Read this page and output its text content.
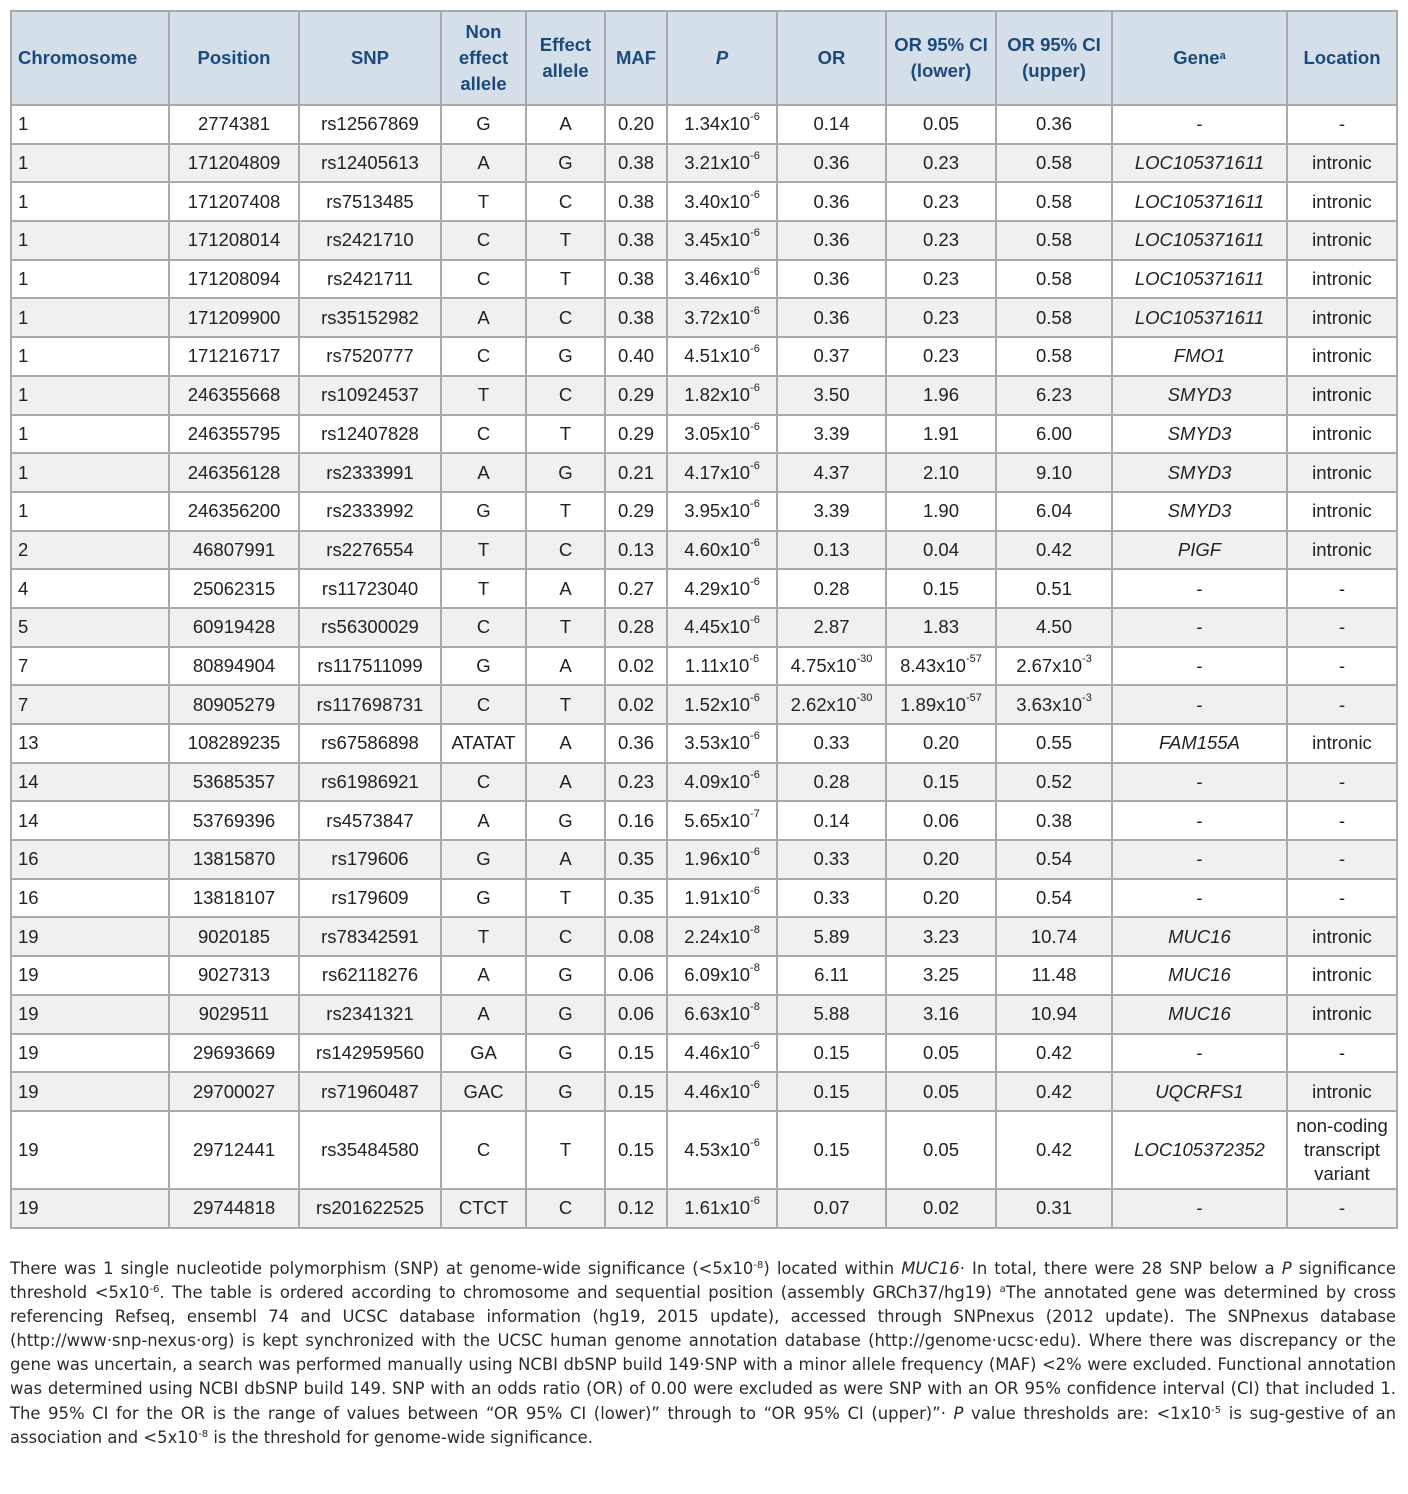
Chromosome	Position	SNP	Non effect allele	Effect allele	MAF	P	OR	OR 95% CI (lower)	OR 95% CI (upper)	Gene$^a$	Location
1	2774381	rs12567869	G	A	0.20	$1.34x10^{-6}$	0.14	0.05	0.36	-	-
1	171204809	rs12405613	A	G	0.38	$3.21x10^{-6}$	0.36	0.23	0.58	LOC105371611	intronic
1	171207408	rs7513485	T	C	0.38	$3.40x10^{-6}$	0.36	0.23	0.58	LOC105371611	intronic
1	171208014	rs2421710	C	T	0.38	$3.45x10^{-6}$	0.36	0.23	0.58	LOC105371611	intronic
1	171208094	rs2421711	C	T	0.38	$3.46x10^{-6}$	0.36	0.23	0.58	LOC105371611	intronic
1	171209900	rs35152982	A	C	0.38	$3.72x10^{-6}$	0.36	0.23	0.58	LOC105371611	intronic
1	171216717	rs7520777	C	G	0.40	$4.51x10^{-6}$	0.37	0.23	0.58	FMO1	intronic
1	246355668	rs10924537	T	C	0.29	$1.82x10^{-6}$	3.50	1.96	6.23	SMYD3	intronic
1	246355795	rs12407828	C	T	0.29	$3.05x10^{-6}$	3.39	1.91	6.00	SMYD3	intronic
1	246356128	rs2333991	A	G	0.21	$4.17x10^{-6}$	4.37	2.10	9.10	SMYD3	intronic
1	246356200	rs2333992	G	T	0.29	$3.95x10^{-6}$	3.39	1.90	6.04	SMYD3	intronic
2	46807991	rs2276554	T	C	0.13	$4.60x10^{-6}$	0.13	0.04	0.42	PIGF	intronic
4	25062315	rs11723040	T	A	0.27	$4.29x10^{-6}$	0.28	0.15	0.51	-	-
5	60919428	rs56300029	C	T	0.28	$4.45x10^{-6}$	2.87	1.83	4.50	-	-
7	80894904	rs117511099	G	A	0.02	$1.11x10^{-6}$	$4.75x10^{-30}$	$8.43x10^{-57}$	$2.67x10^{-3}$	-	-
7	80905279	rs117698731	C	T	0.02	$1.52x10^{-6}$	$2.62x10^{-30}$	$1.89x10^{-57}$	$3.63x10^{-3}$	-	-
13	108289235	rs67586898	ATATAT	A	0.36	$3.53x10^{-6}$	0.33	0.20	0.55	FAM155A	intronic
14	53685357	rs61986921	C	A	0.23	$4.09x10^{-6}$	0.28	0.15	0.52	-	-
14	53769396	rs4573847	A	G	0.16	$5.65x10^{-7}$	0.14	0.06	0.38	-	-
16	13815870	rs179606	G	A	0.35	$1.96x10^{-6}$	0.33	0.20	0.54	-	-
16	13818107	rs179609	G	T	0.35	$1.91x10^{-6}$	0.33	0.20	0.54	-	-
19	9020185	rs78342591	T	C	0.08	$2.24x10^{-8}$	5.89	3.23	10.74	MUC16	intronic
19	9027313	rs62118276	A	G	0.06	$6.09x10^{-8}$	6.11	3.25	11.48	MUC16	intronic
19	9029511	rs2341321	A	G	0.06	$6.63x10^{-8}$	5.88	3.16	10.94	MUC16	intronic
19	29693669	rs142959560	GA	G	0.15	$4.46x10^{-6}$	0.15	0.05	0.42	-	-
19	29700027	rs71960487	GAC	G	0.15	$4.46x10^{-6}$	0.15	0.05	0.42	UQCRFS1	intronic
19	29712441	rs35484580	C	T	0.15	$4.53x10^{-6}$	0.15	0.05	0.42	LOC105372352	non-coding transcript variant
19	29744818	rs201622525	CTCT	C	0.12	$1.61x10^{-6}$	0.07	0.02	0.31	-	-
There was 1 single nucleotide polymorphism (SNP) at genome-wide significance $(<5x10^{-8})$ located within MUC16· In total, there were 28 SNP below a P significance threshold $<5x10^{-6}$. The table is ordered according to chromosome and sequential position (assembly GRCh37/hg19) $^a$The annotated gene was determined by cross referencing Refseq, ensembl 74 and UCSC database information (hg19, 2015 update), accessed through SNPnexus (2012 update). The SNPnexus database (http://www·snp-nexus·org) is kept synchronized with the UCSC human genome annotation database (http://genome·ucsc·edu). Where there was discrepancy or the gene was uncertain, a search was performed manually using NCBI dbSNP build 149·SNP with a minor allele frequency (MAF) <2% were excluded. Functional annotation was determined using NCBI dbSNP build 149. SNP with an odds ratio (OR) of 0.00 were excluded as were SNP with an OR 95% confidence interval (CI) that included 1. The 95% CI for the OR is the range of values between “OR 95% CI (lower)” through to “OR 95% CI (upper)”· P value thresholds are: $<1x10^{-5}$ is sug-gestive of an association and $<5x10^{-8}$ is the threshold for genome-wide significance.
